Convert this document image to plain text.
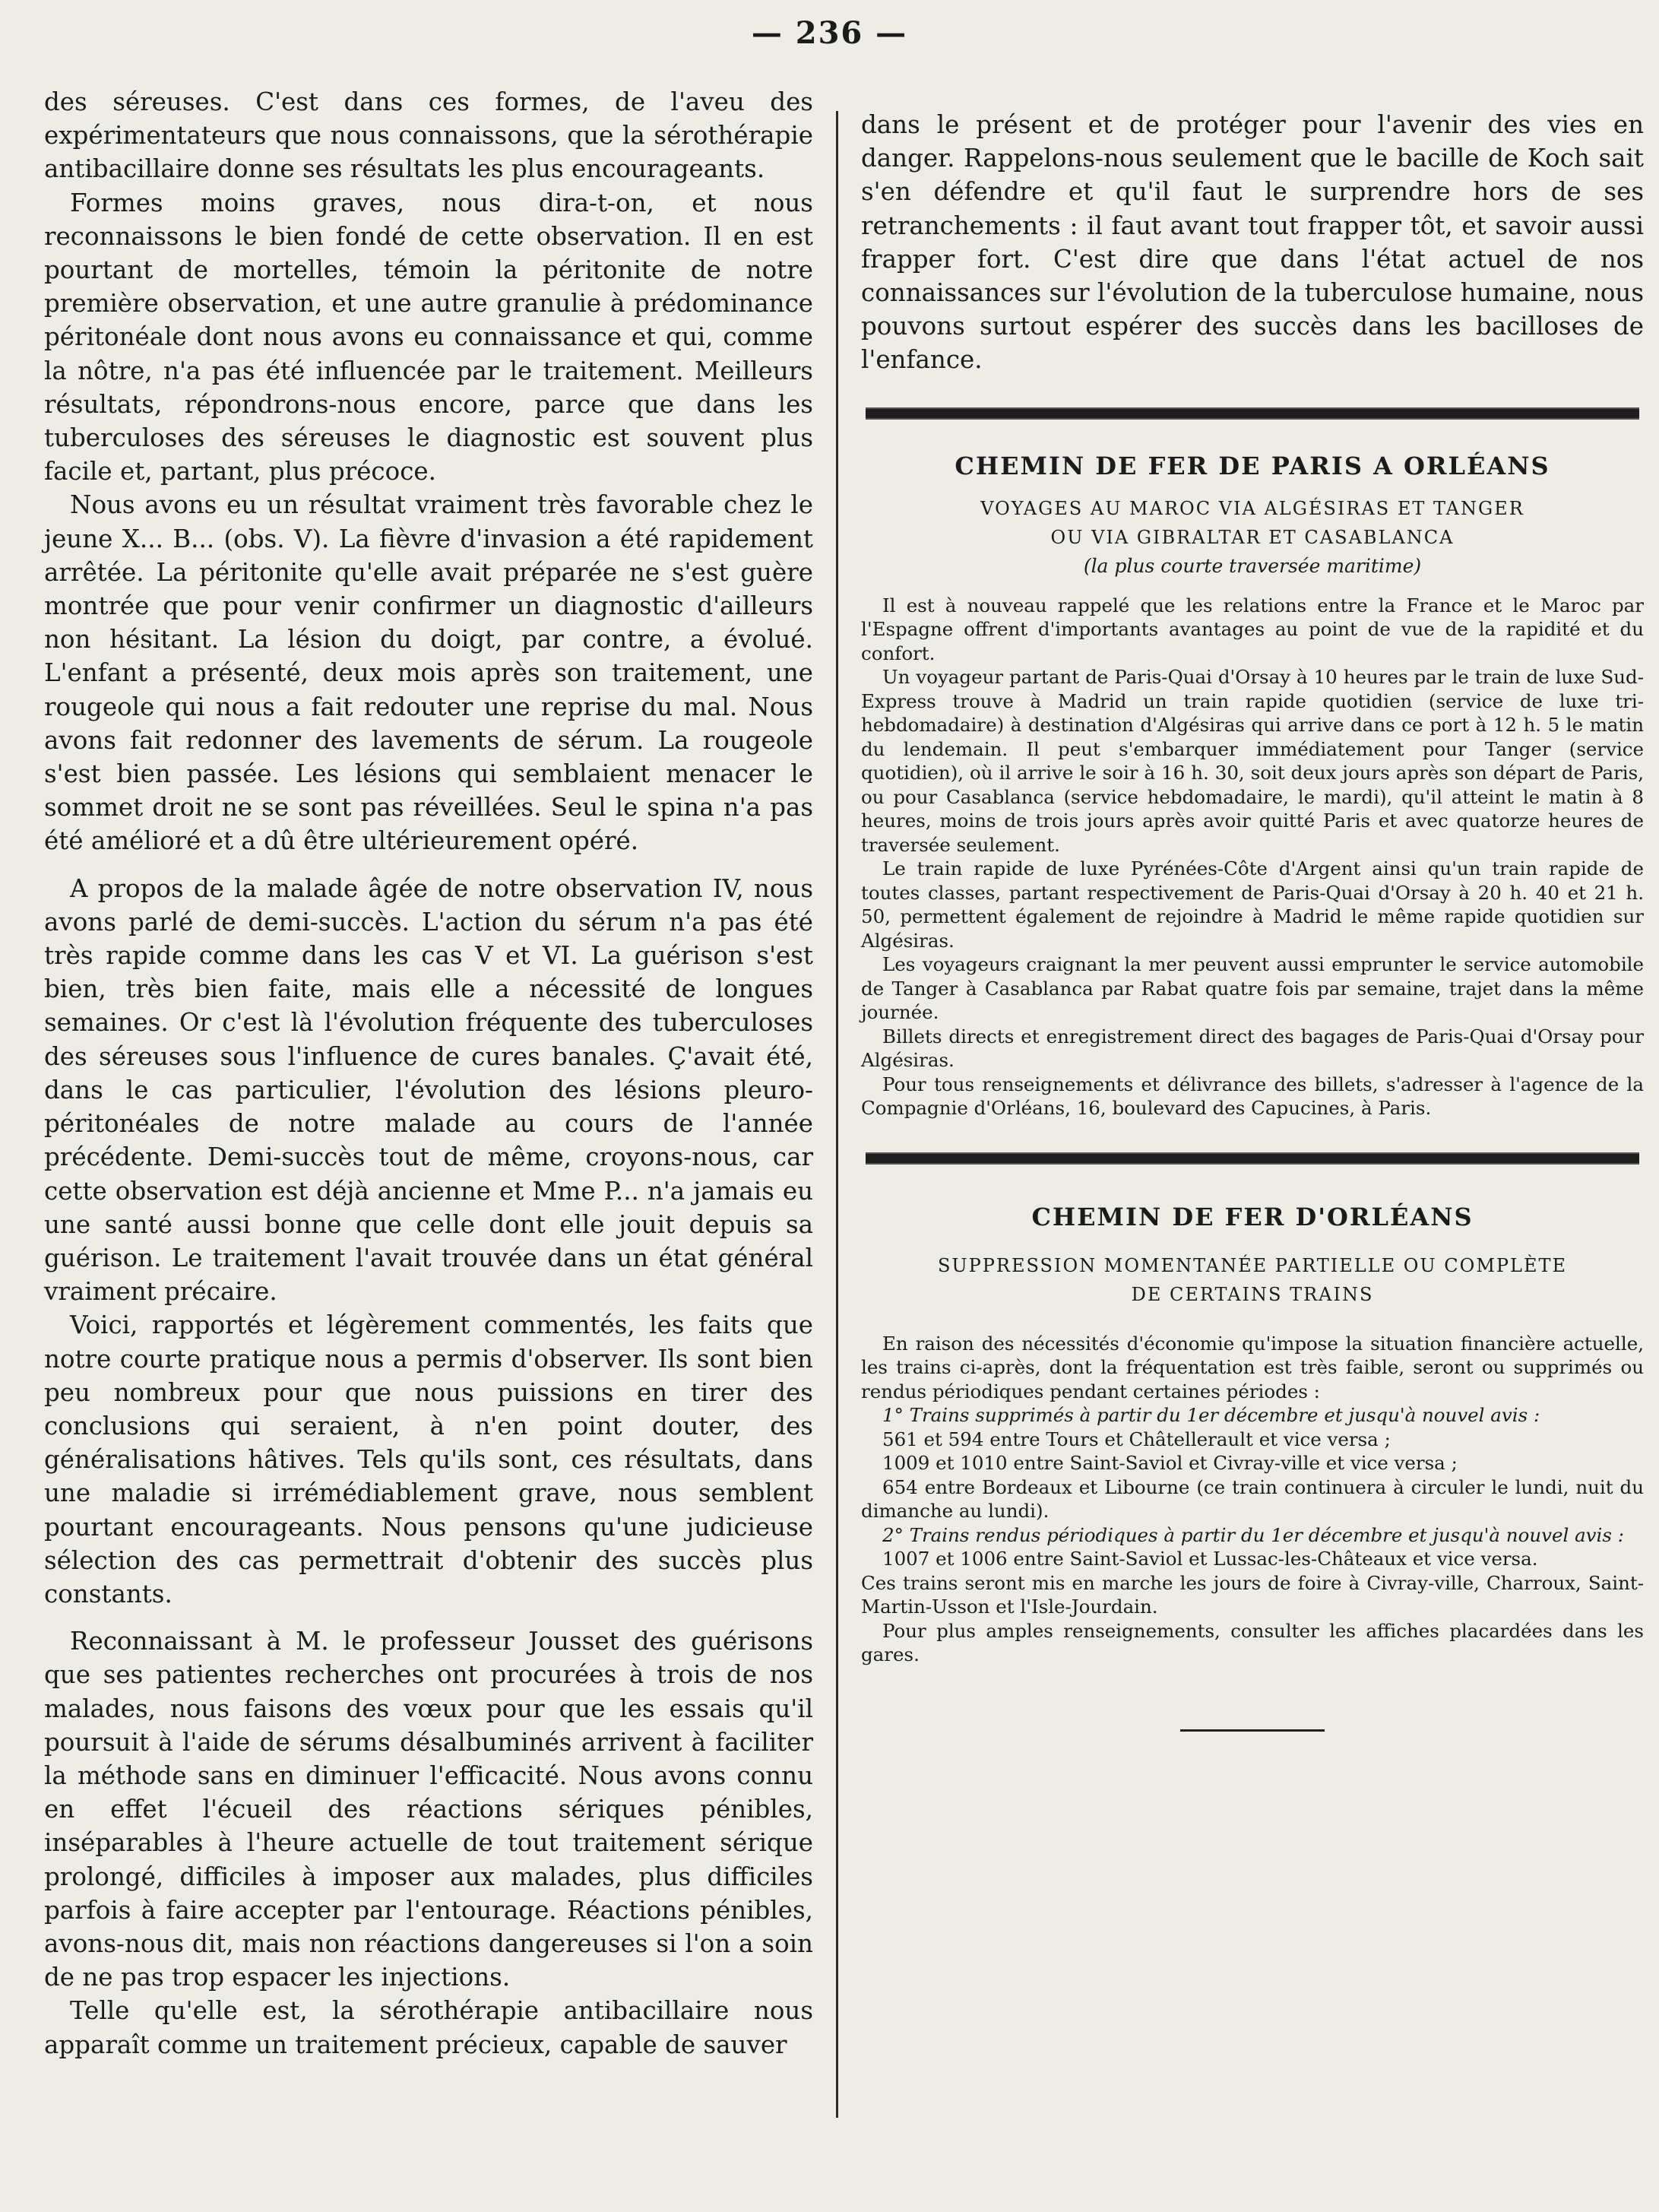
— 236 —

des séreuses. C'est dans ces formes, de l'aveu des expérimentateurs que nous connaissons, que la sérothérapie antibacillaire donne ses résultats les plus encourageants.

Formes moins graves, nous dira-t-on, et nous reconnaissons le bien fondé de cette observation. Il en est pourtant de mortelles, témoin la péritonite de notre première observation, et une autre granulie à prédominance péritonéale dont nous avons eu connaissance et qui, comme la nôtre, n'a pas été influencée par le traitement. Meilleurs résultats, répondrons-nous encore, parce que dans les tuberculoses des séreuses le diagnostic est souvent plus facile et, partant, plus précoce.

Nous avons eu un résultat vraiment très favorable chez le jeune X... B... (obs. V). La fièvre d'invasion a été rapidement arrêtée. La péritonite qu'elle avait préparée ne s'est guère montrée que pour venir confirmer un diagnostic d'ailleurs non hésitant. La lésion du doigt, par contre, a évolué. L'enfant a présenté, deux mois après son traitement, une rougeole qui nous a fait redouter une reprise du mal. Nous avons fait redonner des lavements de sérum. La rougeole s'est bien passée. Les lésions qui semblaient menacer le sommet droit ne se sont pas réveillées. Seul le spina n'a pas été amélioré et a dû être ultérieurement opéré.

A propos de la malade âgée de notre observation IV, nous avons parlé de demi-succès. L'action du sérum n'a pas été très rapide comme dans les cas V et VI. La guérison s'est bien, très bien faite, mais elle a nécessité de longues semaines. Or c'est là l'évolution fréquente des tuberculoses des séreuses sous l'influence de cures banales. Ç'avait été, dans le cas particulier, l'évolution des lésions pleuro-péritonéales de notre malade au cours de l'année précédente. Demi-succès tout de même, croyons-nous, car cette observation est déjà ancienne et Mme P... n'a jamais eu une santé aussi bonne que celle dont elle jouit depuis sa guérison. Le traitement l'avait trouvée dans un état général vraiment précaire.

Voici, rapportés et légèrement commentés, les faits que notre courte pratique nous a permis d'observer. Ils sont bien peu nombreux pour que nous puissions en tirer des conclusions qui seraient, à n'en point douter, des généralisations hâtives. Tels qu'ils sont, ces résultats, dans une maladie si irrémédiablement grave, nous semblent pourtant encourageants. Nous pensons qu'une judicieuse sélection des cas permettrait d'obtenir des succès plus constants.

Reconnaissant à M. le professeur Jousset des guérisons que ses patientes recherches ont procurées à trois de nos malades, nous faisons des vœux pour que les essais qu'il poursuit à l'aide de sérums désalbuminés arrivent à faciliter la méthode sans en diminuer l'efficacité. Nous avons connu en effet l'écueil des réactions sériques pénibles, inséparables à l'heure actuelle de tout traitement sérique prolongé, difficiles à imposer aux malades, plus difficiles parfois à faire accepter par l'entourage. Réactions pénibles, avons-nous dit, mais non réactions dangereuses si l'on a soin de ne pas trop espacer les injections.

Telle qu'elle est, la sérothérapie antibacillaire nous apparaît comme un traitement précieux, capable de sauver

dans le présent et de protéger pour l'avenir des vies en danger. Rappelons-nous seulement que le bacille de Koch sait s'en défendre et qu'il faut le surprendre hors de ses retranchements : il faut avant tout frapper tôt, et savoir aussi frapper fort. C'est dire que dans l'état actuel de nos connaissances sur l'évolution de la tuberculose humaine, nous pouvons surtout espérer des succès dans les bacilloses de l'enfance.

CHEMIN DE FER DE PARIS A ORLÉANS
VOYAGES AU MAROC VIA ALGÉSIRAS ET TANGER
OU VIA GIBRALTAR ET CASABLANCA
(la plus courte traversée maritime)

Il est à nouveau rappelé que les relations entre la France et le Maroc par l'Espagne offrent d'importants avantages au point de vue de la rapidité et du confort.

Un voyageur partant de Paris-Quai d'Orsay à 10 heures par le train de luxe Sud-Express trouve à Madrid un train rapide quotidien (service de luxe tri-hebdomadaire) à destination d'Algésiras qui arrive dans ce port à 12 h. 5 le matin du lendemain. Il peut s'embarquer immédiatement pour Tanger (service quotidien), où il arrive le soir à 16 h. 30, soit deux jours après son départ de Paris, ou pour Casablanca (service hebdomadaire, le mardi), qu'il atteint le matin à 8 heures, moins de trois jours après avoir quitté Paris et avec quatorze heures de traversée seulement.

Le train rapide de luxe Pyrénées-Côte d'Argent ainsi qu'un train rapide de toutes classes, partant respectivement de Paris-Quai d'Orsay à 20 h. 40 et 21 h. 50, permettent également de rejoindre à Madrid le même rapide quotidien sur Algésiras.

Les voyageurs craignant la mer peuvent aussi emprunter le service automobile de Tanger à Casablanca par Rabat quatre fois par semaine, trajet dans la même journée.

Billets directs et enregistrement direct des bagages de Paris-Quai d'Orsay pour Algésiras.

Pour tous renseignements et délivrance des billets, s'adresser à l'agence de la Compagnie d'Orléans, 16, boulevard des Capucines, à Paris.

CHEMIN DE FER D'ORLÉANS
SUPPRESSION MOMENTANÉE PARTIELLE OU COMPLÈTE
DE CERTAINS TRAINS

En raison des nécessités d'économie qu'impose la situation financière actuelle, les trains ci-après, dont la fréquentation est très faible, seront ou supprimés ou rendus périodiques pendant certaines périodes :

1° Trains supprimés à partir du 1er décembre et jusqu'à nouvel avis :

561 et 594 entre Tours et Châtellerault et vice versa ;

1009 et 1010 entre Saint-Saviol et Civray-ville et vice versa ;

654 entre Bordeaux et Libourne (ce train continuera à circuler le lundi, nuit du dimanche au lundi).

2° Trains rendus périodiques à partir du 1er décembre et jusqu'à nouvel avis :

1007 et 1006 entre Saint-Saviol et Lussac-les-Châteaux et vice versa.

Ces trains seront mis en marche les jours de foire à Civray-ville, Charroux, Saint-Martin-Usson et l'Isle-Jourdain.

Pour plus amples renseignements, consulter les affiches placardées dans les gares.
